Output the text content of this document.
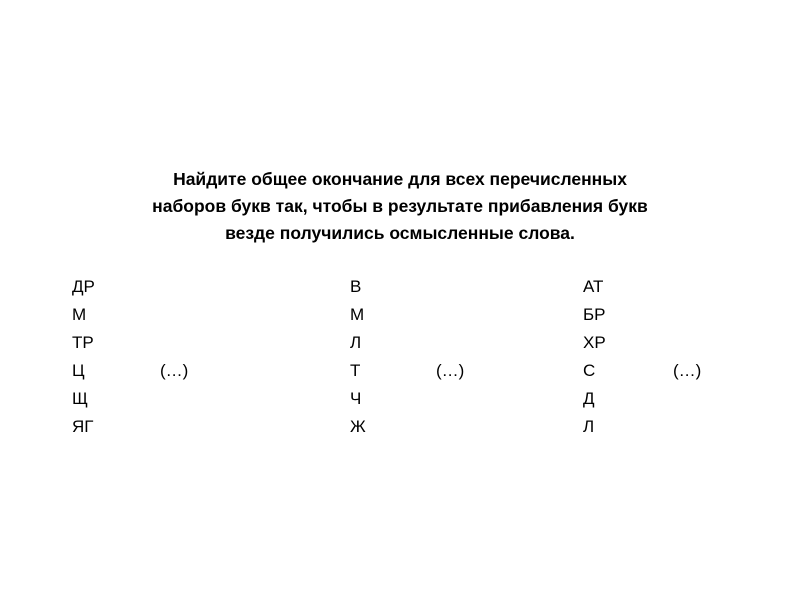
Найдите общее окончание для всех перечисленных
наборов букв так, чтобы в результате прибавления букв
везде получились осмысленные слова.
ДР
М
ТР
Ц
Щ
ЯГ
(…)
В
М
Л
Т
Ч
Ж
(…)
АТ
БР
ХР
С
Д
Л
(…)
